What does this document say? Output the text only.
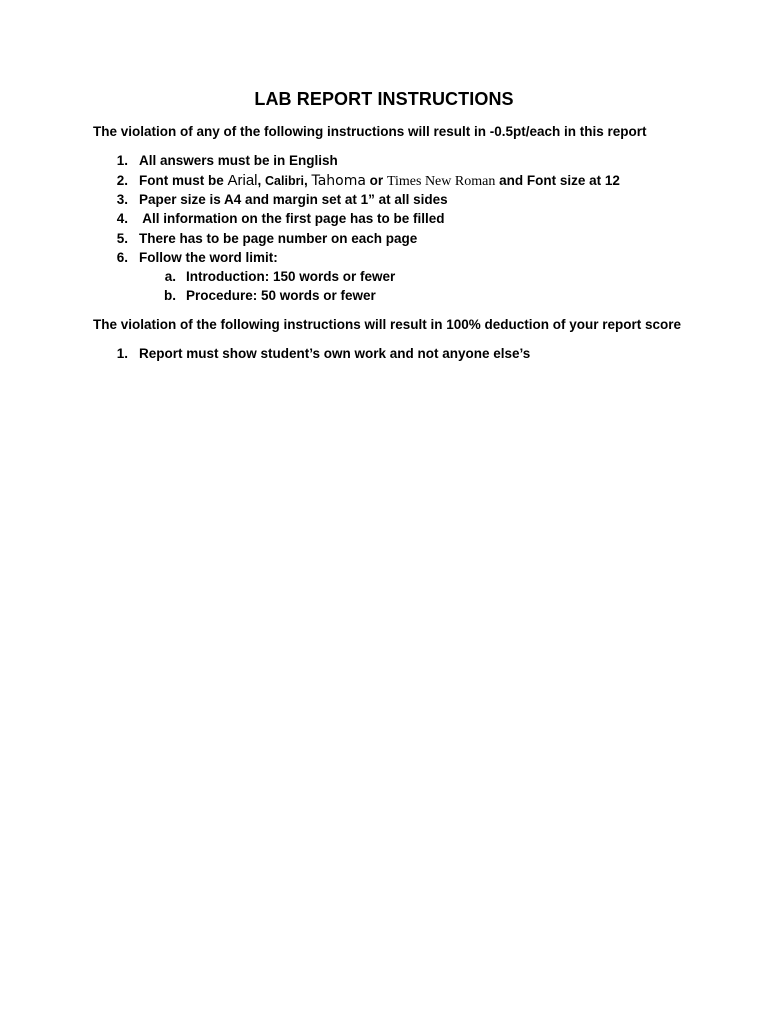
LAB REPORT INSTRUCTIONS
The violation of any of the following instructions will result in -0.5pt/each in this report
1. All answers must be in English
2. Font must be Arial, Calibri, Tahoma or Times New Roman and Font size at 12
3. Paper size is A4 and margin set at 1” at all sides
4. All information on the first page has to be filled
5. There has to be page number on each page
6. Follow the word limit:
a. Introduction: 150 words or fewer
b. Procedure: 50 words or fewer
The violation of the following instructions will result in 100% deduction of your report score
1. Report must show student’s own work and not anyone else’s
